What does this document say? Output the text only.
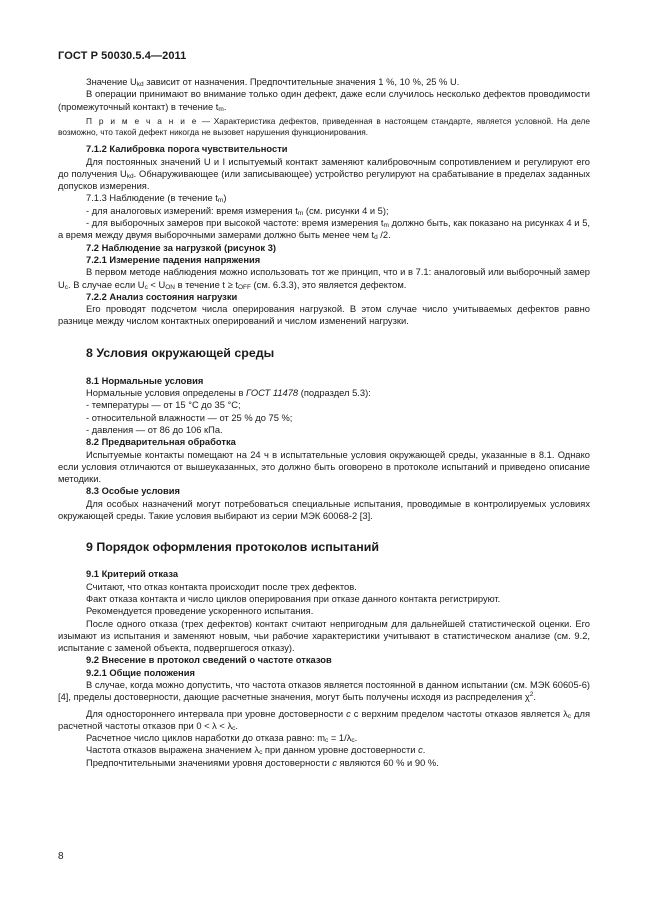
ГОСТ Р 50030.5.4—2011

Значение $U_{kd}$ зависит от назначения. Предпочтительные значения 1 %, 10 %, 25 % U.

В операции принимают во внимание только один дефект, даже если случилось несколько дефектов проводимости (промежуточный контакт) в течение $t_m$.

П р и м е ч а н и е — Характеристика дефектов, приведенная в настоящем стандарте, является условной. На деле возможно, что такой дефект никогда не вызовет нарушения функционирования.

7.1.2 Калибровка порога чувствительности

Для постоянных значений U и I испытуемый контакт заменяют калибровочным сопротивлением и регулируют его до получения $U_{kd}$. Обнаруживающее (или записывающее) устройство регулируют на срабатывание в пределах заданных допусков измерения.

7.1.3 Наблюдение (в течение $t_m$)

- для аналоговых измерений: время измерения $t_m$ (см. рисунки 4 и 5);

- для выборочных замеров при высокой частоте: время измерения $t_m$ должно быть, как показано на рисунках 4 и 5, а время между двумя выборочными замерами должно быть менее чем $t_d$ /2.

7.2 Наблюдение за нагрузкой (рисунок 3)

7.2.1 Измерение падения напряжения

В первом методе наблюдения можно использовать тот же принцип, что и в 7.1: аналоговый или выборочный замер $U_c$. В случае если $U_c < U_{ON}$ в течение $t \ge t_{OFF}$ (см. 6.3.3), это является дефектом.

7.2.2 Анализ состояния нагрузки

Его проводят подсчетом числа оперирования нагрузкой. В этом случае число учитываемых дефектов равно разнице между числом контактных оперирований и числом изменений нагрузки.

8 Условия окружающей среды

8.1 Нормальные условия

Нормальные условия определены в ГОСТ 11478 (подраздел 5.3):

- температуры — от 15 °С до 35 °С;

- относительной влажности — от 25 % до 75 %;

- давления — от 86 до 106 кПа.

8.2 Предварительная обработка

Испытуемые контакты помещают на 24 ч в испытательные условия окружающей среды, указанные в 8.1. Однако если условия отличаются от вышеуказанных, это должно быть оговорено в протоколе испытаний и приведено описание методики.

8.3 Особые условия

Для особых назначений могут потребоваться специальные испытания, проводимые в контролируемых условиях окружающей среды. Такие условия выбирают из серии МЭК 60068-2 [3].

9 Порядок оформления протоколов испытаний

9.1 Критерий отказа

Считают, что отказ контакта происходит после трех дефектов.

Факт отказа контакта и число циклов оперирования при отказе данного контакта регистрируют.

Рекомендуется проведение ускоренного испытания.

После одного отказа (трех дефектов) контакт считают непригодным для дальнейшей статистической оценки. Его изымают из испытания и заменяют новым, чьи рабочие характеристики учитывают в статистическом анализе (см. 9.2, испытание с заменой объекта, подвергшегося отказу).

9.2 Внесение в протокол сведений о частоте отказов

9.2.1 Общие положения

В случае, когда можно допустить, что частота отказов является постоянной в данном испытании (см. МЭК 60605-6) [4], пределы достоверности, дающие расчетные значения, могут быть получены исходя из распределения $\chi^2$.

Для одностороннего интервала при уровне достоверности c с верхним пределом частоты отказов является $\lambda_c$ для расчетной частоты отказов при $0 < \lambda < \lambda_c$.

Расчетное число циклов наработки до отказа равно: $m_c = 1/\lambda_c$.

Частота отказов выражена значением $\lambda_c$ при данном уровне достоверности c.

Предпочтительными значениями уровня достоверности c являются 60 % и 90 %.

8
